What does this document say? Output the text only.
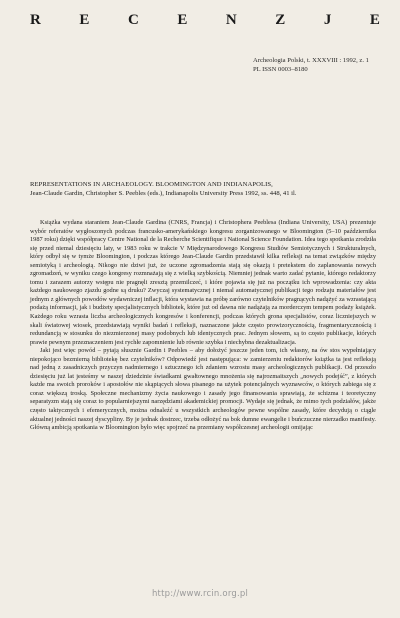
R	E	C	E	N	Z	J	E
Archeologia Polski, t. XXXVIII : 1992, z. 1
PL ISSN 0003–8180
REPRESENTATIONS IN ARCHAEOLOGY. BLOOMINGTON AND INDIANAPOLIS,
Jean-Claude Gardin, Christopher S. Peebles (eds.), Indianapolis University Press 1992, ss. 448, 41 il.

Książka wydana staraniem Jean-Claude Gardina (CNRS, Francja) i Christophera Peeblesa (Indiana University, USA) prezentuje wybór referatów wygłoszonych podczas francusko-amerykańskiego kongresu zorganizowanego w Bloomington (5–10 października 1987 roku) dzięki współpracy Centre National de la Recherche Scientifique i National Science Foundation. Idea tego spotkania zrodziła się przed niemal dziesięciu laty, w 1983 roku w trakcie V Międzynarodowego Kongresu Studiów Semiotycznych i Strukturalnych, który odbył się w tymże Bloomington, i podczas którego Jean-Claude Gardin przedstawił kilka refleksji na temat związków między semiotyką i archeologią. Nikogo nie dziwi już, że uczone zgromadzenia stają się okazją i pretekstem do zaplanowania nowych zgromadzeń, w wyniku czego kongresy rozmnażają się z wielką szybkością. Niemniej jednak warto zadać pytanie, którego redaktorzy tomu i zarazem autorzy wstępu nie pragnęli zresztą przemilczeć, i które pojawia się już na początku ich wprowadzenia: czy akta każdego naukowego zjazdu godne są druku? Zwyczaj systematycznej i niemal automatycznej publikacji tego rodzaju materiałów jest jednym z głównych powodów wydawniczej inflacji, która wystawia na próbę zarówno czytelników pragnących nadążyć za wzrastającą podażą informacji, jak i budżety specjalistycznych bibliotek, które już od dawna nie nadążają za morderczym tempem podaży książek. Każdego roku wzrasta liczba archeologicznych kongresów i konferencji, podczas których grona specjalistów, coraz liczniejszych w skali światowej wiosek, przedstawiają wyniki badań i refleksji, naznaczone jakże często prowizorycznością, fragmentarycznością i redundancją w stosunku do niezmierzonej masy podobnych lub identycznych prac. Jednym słowem, są to często publikacje, których prawie pewnym przeznaczeniem jest rychłe zapomnienie lub równie szybka i niechybna dezaktualizacja.

Jaki jest więc powód – pytają słusznie Gardin i Peebles – aby dołożyć jeszcze jeden tom, ich własny, na ów stos wypełniający niepokojąco bezmierną bibliotekę bez czytelników? Odpowiedź jest następująca: w zamierzeniu redaktorów książka ta jest refleksją nad jedną z zasadniczych przyczyn nadmiernego i sztucznego ich zdaniem wzrostu masy archeologicznych publikacji. Od przeszło dziesięciu już lat jesteśmy w naszej dziedzinie świadkami gwałtownego mnożenia się najrozmaitszych „nowych podejść”, z których każde ma swoich proroków i apostołów nie skąpiących słowa pisanego na użytek potencjalnych wyznawców, o których zabiega się z coraz większą troską. Społeczne mechanizmy życia naukowego i zasady jego finansowania sprawiają, że schizma i teoretyczny separatyzm stają się coraz to popularniejszymi narzędziami akademickiej promocji. Wydaje się jednak, że mimo tych podziałów, jakże często taktycznych i efemerycznych, można odnaleźć u wszystkich archeologów pewne wspólne zasady, które decydują o ciągle aktualnej jedności naszej dyscypliny. By je jednak dostrzec, trzeba odłożyć na bok dumne ewangelie i buńczuczne nierzadko manifesty. Główną ambicją spotkania w Bloomington było więc spojrzeć na przemiany współczesnej archeologii omijając

http://www.rcin.org.pl
